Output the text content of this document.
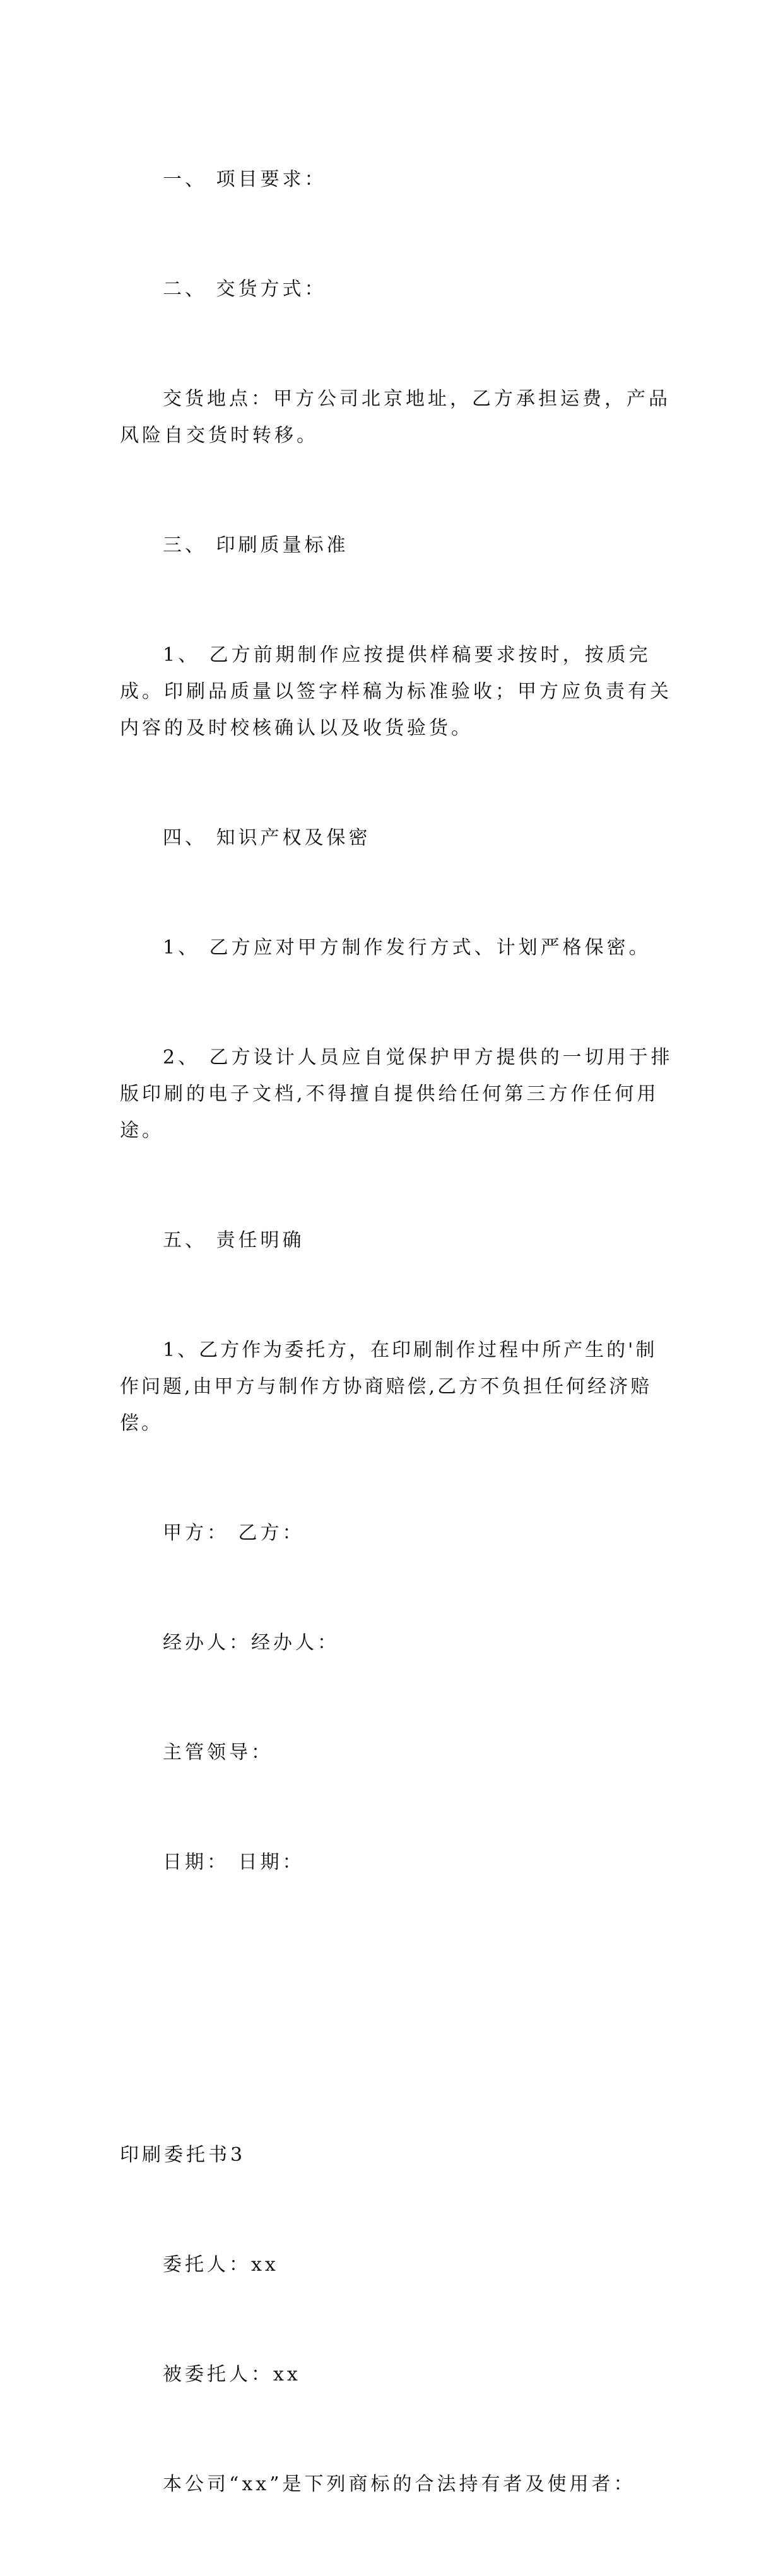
一、 项目要求：

二、 交货方式：

交货地点：甲方公司北京地址，乙方承担运费，产品风险自交货时转移。

三、 印刷质量标准

1、 乙方前期制作应按提供样稿要求按时，按质完成。印刷品质量以签字样稿为标准验收；甲方应负责有关内容的及时校核确认以及收货验货。

四、 知识产权及保密

1、 乙方应对甲方制作发行方式、计划严格保密。

2、 乙方设计人员应自觉保护甲方提供的一切用于排版印刷的电子文档,不得擅自提供给任何第三方作任何用途。

五、 责任明确

1、乙方作为委托方，在印刷制作过程中所产生的'制作问题,由甲方与制作方协商赔偿,乙方不负担任何经济赔偿。

甲方： 乙方：

经办人：经办人：

主管领导：

日期： 日期：

印刷委托书3

委托人：xx

被委托人：xx

本公司“xx”是下列商标的合法持有者及使用者：
